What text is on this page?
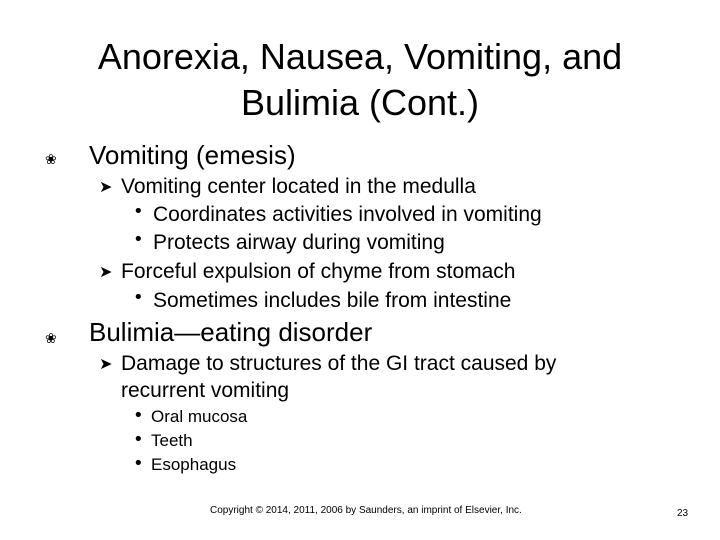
Anorexia, Nausea, Vomiting, and Bulimia (Cont.)
❀ Vomiting (emesis)
➤ Vomiting center located in the medulla
• Coordinates activities involved in vomiting
• Protects airway during vomiting
➤ Forceful expulsion of chyme from stomach
• Sometimes includes bile from intestine
❀ Bulimia—eating disorder
➤ Damage to structures of the GI tract caused by
recurrent vomiting
• Oral mucosa
• Teeth
• Esophagus
Copyright © 2014, 2011, 2006 by Saunders, an imprint of Elsevier, Inc.	23
